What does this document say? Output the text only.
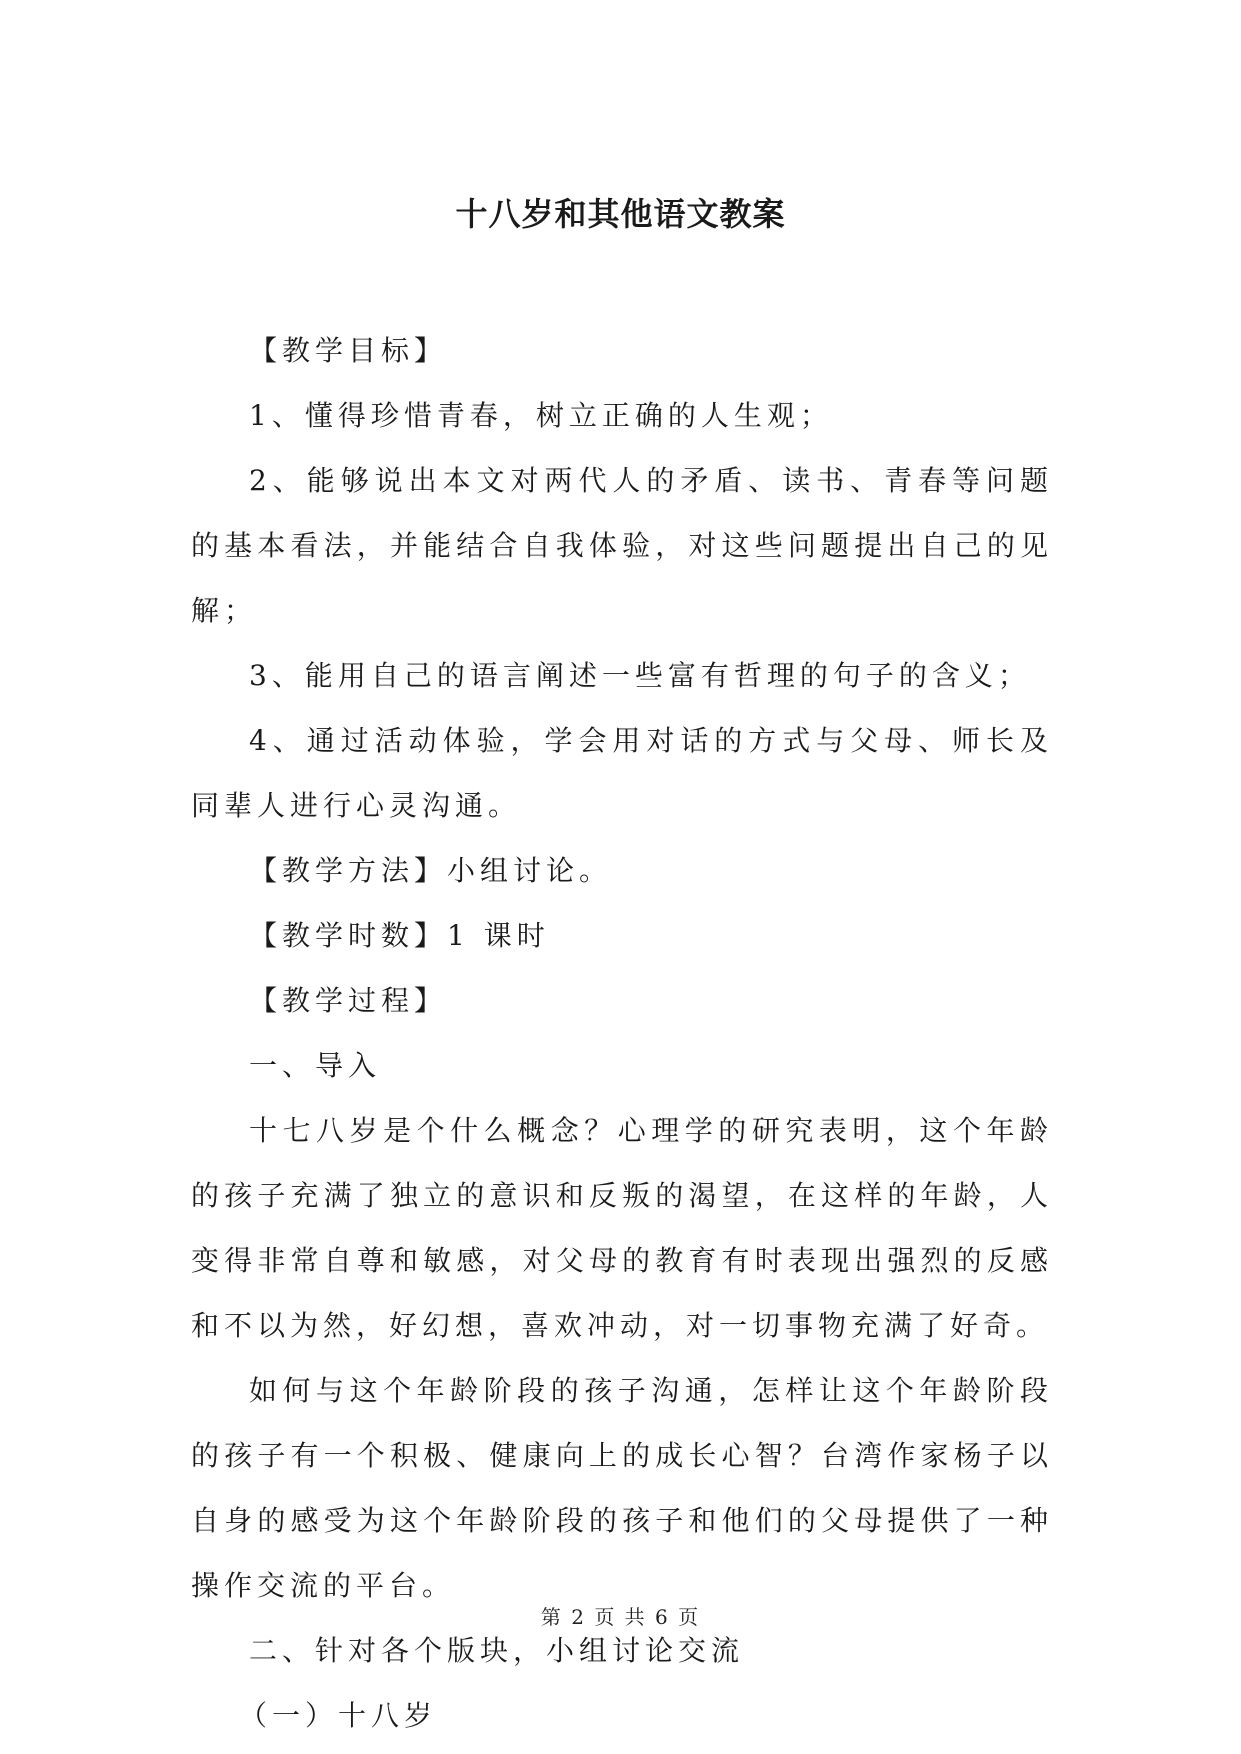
十八岁和其他语文教案

【教学目标】

1、懂得珍惜青春，树立正确的人生观；

2、能够说出本文对两代人的矛盾、读书、青春等问题的基本看法，并能结合自我体验，对这些问题提出自己的见解；

3、能用自己的语言阐述一些富有哲理的句子的含义；

4、通过活动体验，学会用对话的方式与父母、师长及同辈人进行心灵沟通。

【教学方法】小组讨论。

【教学时数】1 课时

【教学过程】

一、导入

十七八岁是个什么概念？心理学的研究表明，这个年龄的孩子充满了独立的意识和反叛的渴望，在这样的年龄，人变得非常自尊和敏感，对父母的教育有时表现出强烈的反感和不以为然，好幻想，喜欢冲动，对一切事物充满了好奇。

如何与这个年龄阶段的孩子沟通，怎样让这个年龄阶段的孩子有一个积极、健康向上的成长心智？台湾作家杨子以自身的感受为这个年龄阶段的孩子和他们的父母提供了一种操作交流的平台。

二、针对各个版块，小组讨论交流

（一）十八岁

第 2 页 共 6 页
